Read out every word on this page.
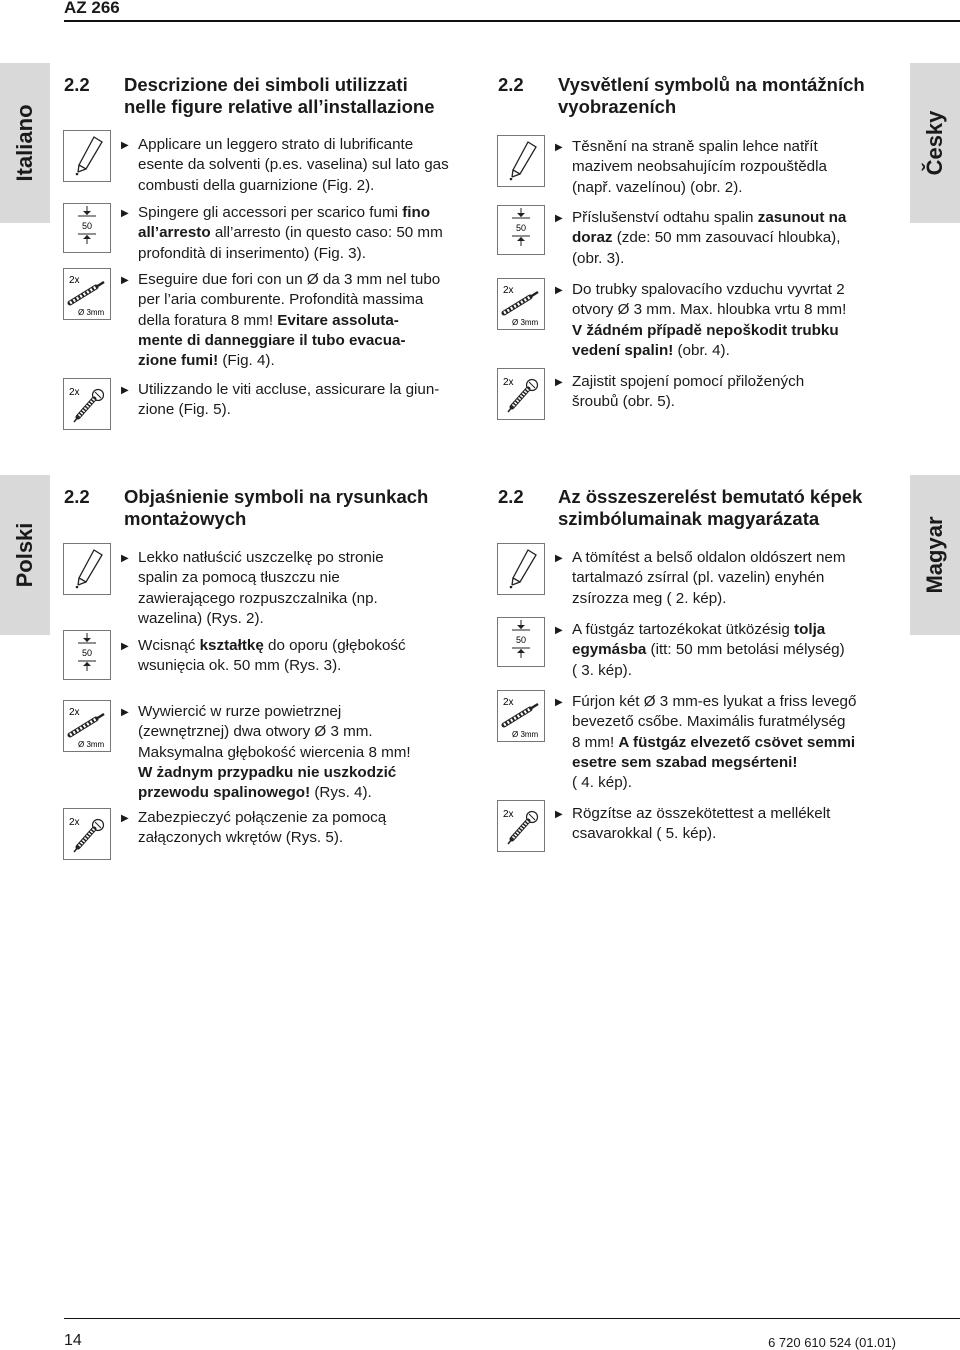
AZ 266
Italiano
2.2	Descrizione dei simboli utilizzati
nelle figure relative all’installazione
50
2x
Ø 3mm
2x
▶ Applicare un leggero strato di lubrificante
esente da solventi (p.es. vaselina) sul lato gas
combusti della guarnizione (Fig. 2).
▶ Spingere gli accessori per scarico fumi fino
all’arresto all’arresto (in questo caso: 50 mm
profondità di inserimento) (Fig. 3).
▶ Eseguire due fori con un Ø da 3 mm nel tubo
per l’aria comburente. Profondità massima
della foratura 8 mm! Evitare assoluta-
mente di danneggiare il tubo evacua-
zione fumi! (Fig. 4).
▶ Utilizzando le viti accluse, assicurare la giun-
zione (Fig. 5).
Česky
2.2	Vysvětlení symbolů na montážních
vyobrazeních
50
2x
Ø 3mm
2x
▶ Těsnění na straně spalin lehce natřít
mazivem neobsahujícím rozpouštědla
(např. vazelínou) (obr. 2).
▶ Příslušenství odtahu spalin zasunout na
doraz (zde: 50 mm zasouvací hloubka),
(obr. 3).
▶ Do trubky spalovacího vzduchu vyvrtat 2
otvory Ø 3 mm. Max. hloubka vrtu 8 mm!
V žádném případě nepoškodit trubku
vedení spalin! (obr. 4).
▶ Zajistit spojení pomocí přiložených
šroubů (obr. 5).
Polski
2.2	Objaśnienie symboli na rysunkach
montażowych
50
2x
Ø 3mm
2x
▶ Lekko natłuścić uszczelkę po stronie
spalin za pomocą tłuszczu nie
zawierającego rozpuszczalnika (np.
wazelina) (Rys. 2).
▶ Wcisnąć kształtkę do oporu (głębokość
wsunięcia ok. 50 mm (Rys. 3).
▶ Wywiercić w rurze powietrznej
(zewnętrznej) dwa otwory Ø 3 mm.
Maksymalna głębokość wiercenia 8 mm!
W żadnym przypadku nie uszkodzić
przewodu spalinowego! (Rys. 4).
▶ Zabezpieczyć połączenie za pomocą
załączonych wkrętów (Rys. 5).
Magyar
2.2	Az összeszerelést bemutató képek
szimbólumainak magyarázata
50
2x
Ø 3mm
2x
▶ A tömítést a belső oldalon oldószert nem
tartalmazó zsírral (pl. vazelin) enyhén
zsírozza meg ( 2. kép).
▶ A füstgáz tartozékokat ütközésig tolja
egymásba (itt: 50 mm betolási mélység)
( 3. kép).
▶ Fúrjon két Ø 3 mm-es lyukat a friss levegő
bevezető csőbe. Maximális furatmélység
8 mm! A füstgáz elvezető csövet semmi
esetre sem szabad megsérteni!
( 4. kép).
▶ Rögzítse az összekötettest a mellékelt
csavarokkal ( 5. kép).
14	6 720 610 524 (01.01)
